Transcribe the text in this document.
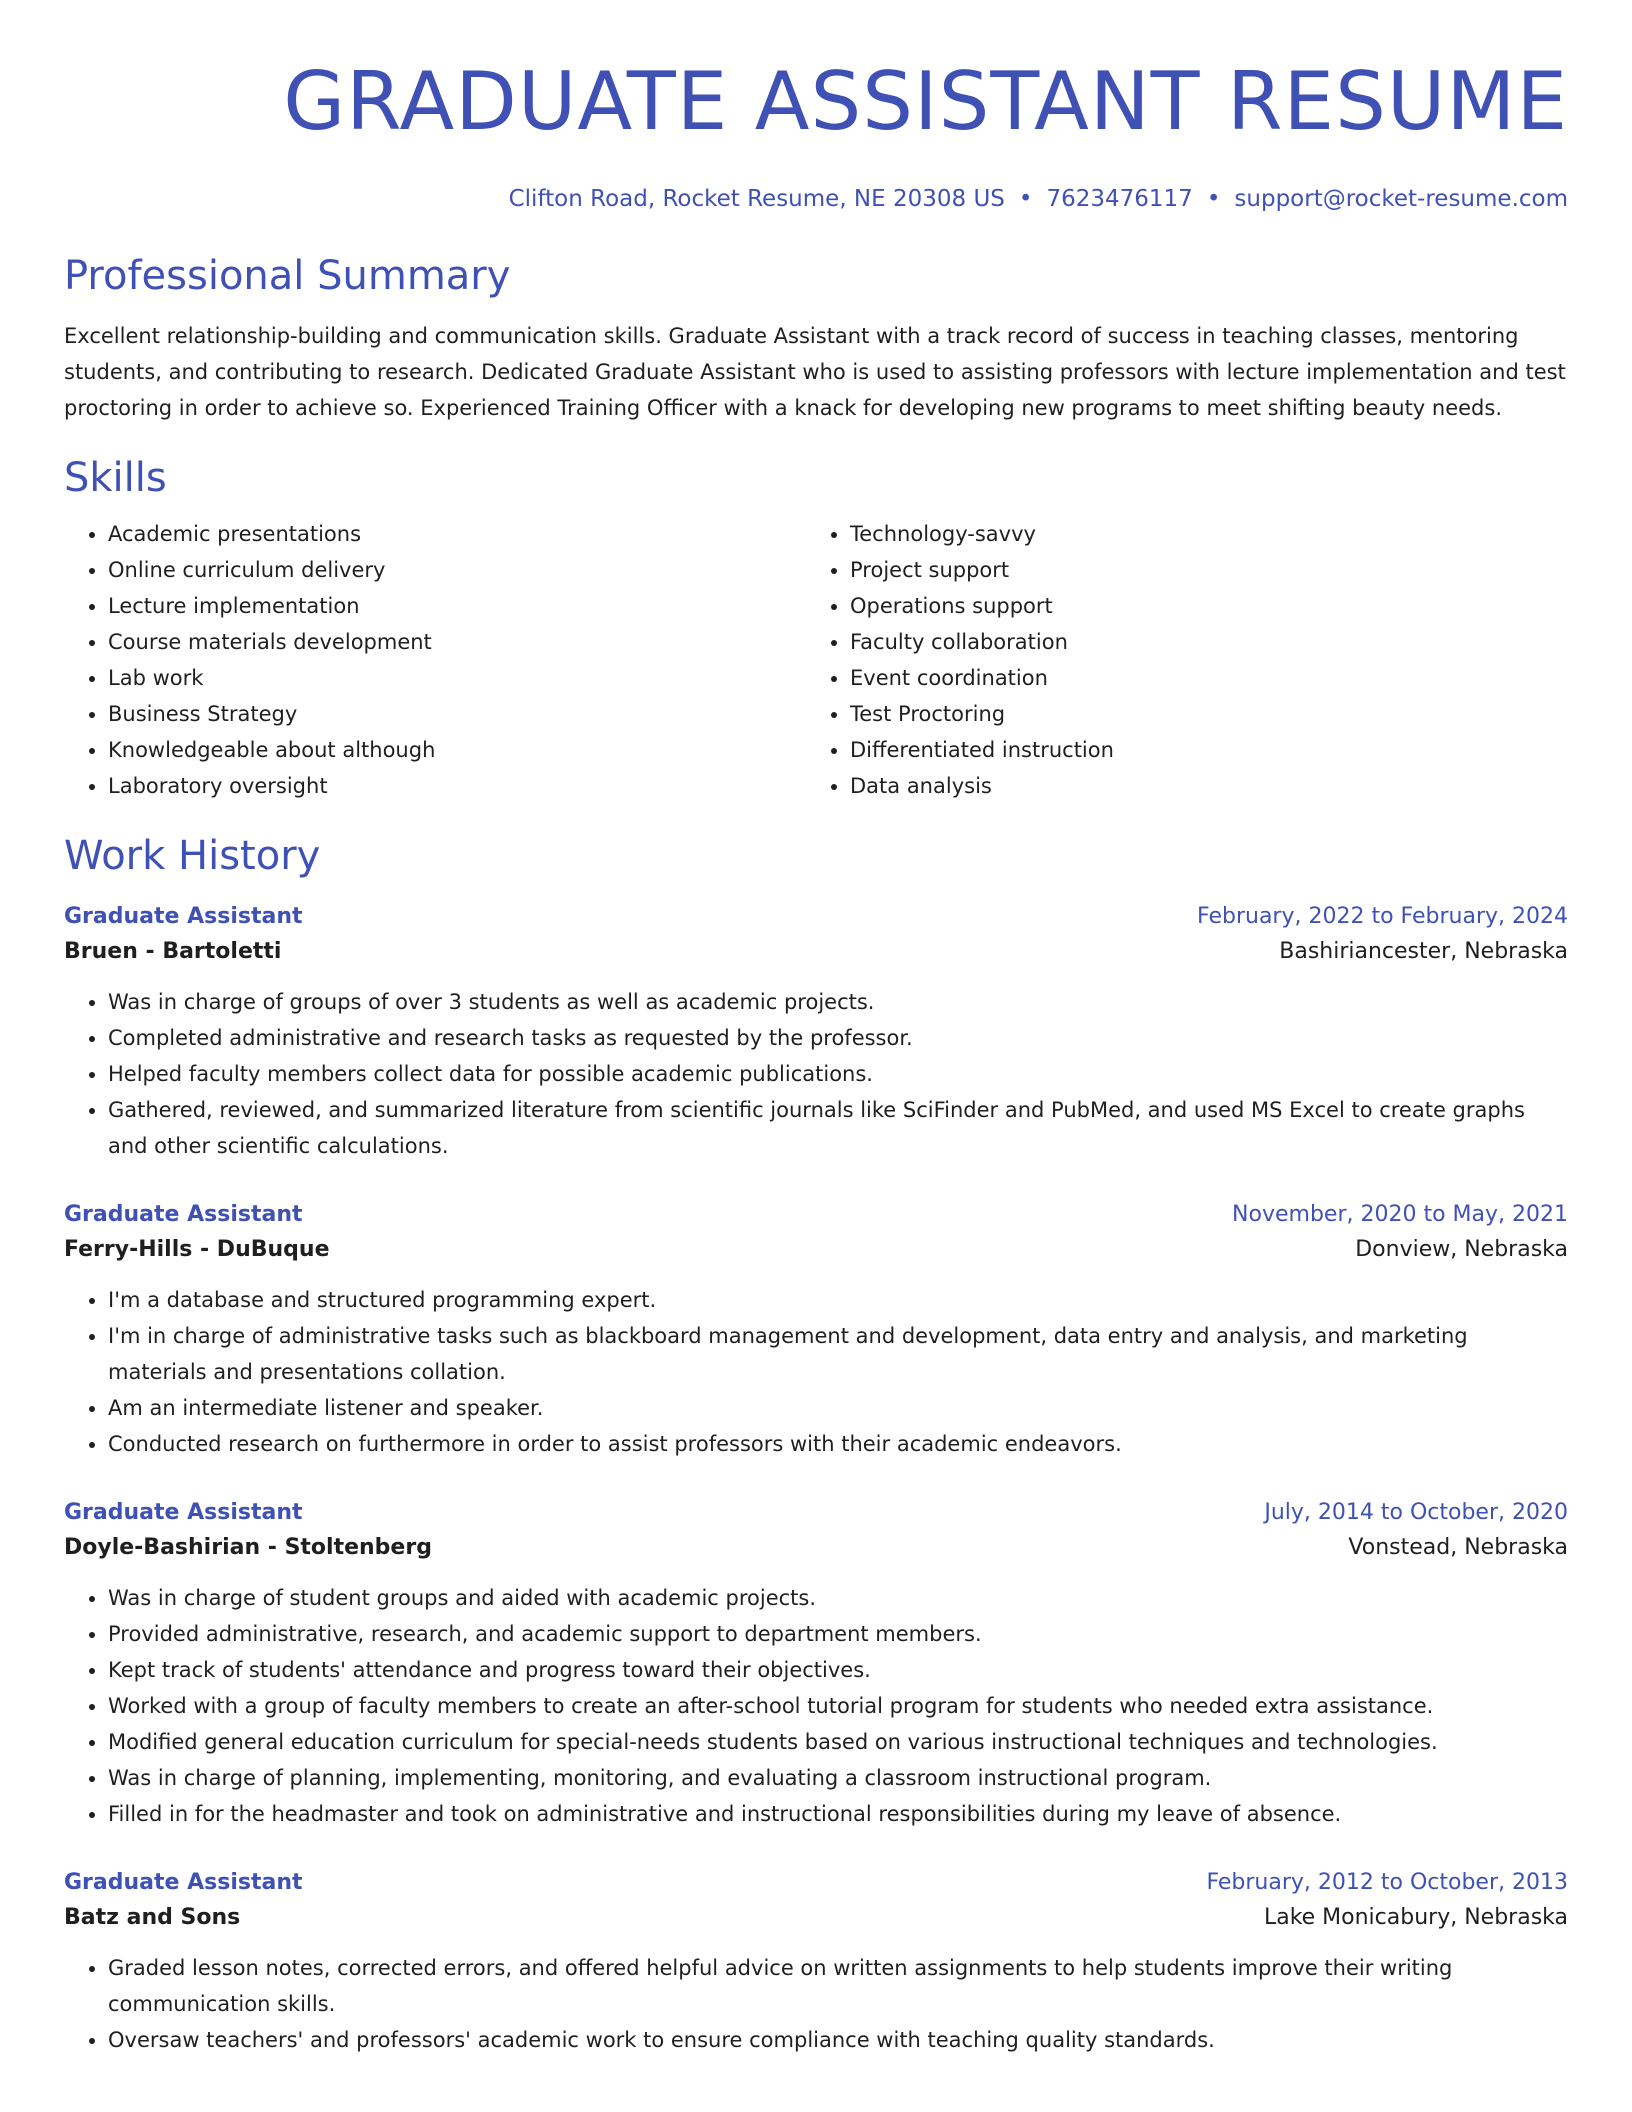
GRADUATE ASSISTANT RESUME
Clifton Road, Rocket Resume, NE 20308 US • 7623476117 • support@rocket-resume.com
Professional Summary

Excellent relationship-building and communication skills. Graduate Assistant with a track record of success in teaching classes, mentoring students, and contributing to research. Dedicated Graduate Assistant who is used to assisting professors with lecture implementation and test proctoring in order to achieve so. Experienced Training Officer with a knack for developing new programs to meet shifting beauty needs.

Skills
• Academic presentations
• Online curriculum delivery
• Lecture implementation
• Course materials development
• Lab work
• Business Strategy
• Knowledgeable about although
• Laboratory oversight
• Technology-savvy
• Project support
• Operations support
• Faculty collaboration
• Event coordination
• Test Proctoring
• Differentiated instruction
• Data analysis
Work History
Graduate Assistant	February, 2022 to February, 2024
Bruen - Bartoletti	Bashiriancester, Nebraska
• Was in charge of groups of over 3 students as well as academic projects.
• Completed administrative and research tasks as requested by the professor.
• Helped faculty members collect data for possible academic publications.
• Gathered, reviewed, and summarized literature from scientific journals like SciFinder and PubMed, and used MS Excel to create graphs and other scientific calculations.
Graduate Assistant	November, 2020 to May, 2021
Ferry-Hills - DuBuque	Donview, Nebraska
• I'm a database and structured programming expert.
• I'm in charge of administrative tasks such as blackboard management and development, data entry and analysis, and marketing materials and presentations collation.
• Am an intermediate listener and speaker.
• Conducted research on furthermore in order to assist professors with their academic endeavors.
Graduate Assistant	July, 2014 to October, 2020
Doyle-Bashirian - Stoltenberg	Vonstead, Nebraska
• Was in charge of student groups and aided with academic projects.
• Provided administrative, research, and academic support to department members.
• Kept track of students' attendance and progress toward their objectives.
• Worked with a group of faculty members to create an after-school tutorial program for students who needed extra assistance.
• Modified general education curriculum for special-needs students based on various instructional techniques and technologies.
• Was in charge of planning, implementing, monitoring, and evaluating a classroom instructional program.
• Filled in for the headmaster and took on administrative and instructional responsibilities during my leave of absence.
Graduate Assistant	February, 2012 to October, 2013
Batz and Sons	Lake Monicabury, Nebraska
• Graded lesson notes, corrected errors, and offered helpful advice on written assignments to help students improve their writing communication skills.
• Oversaw teachers' and professors' academic work to ensure compliance with teaching quality standards.
